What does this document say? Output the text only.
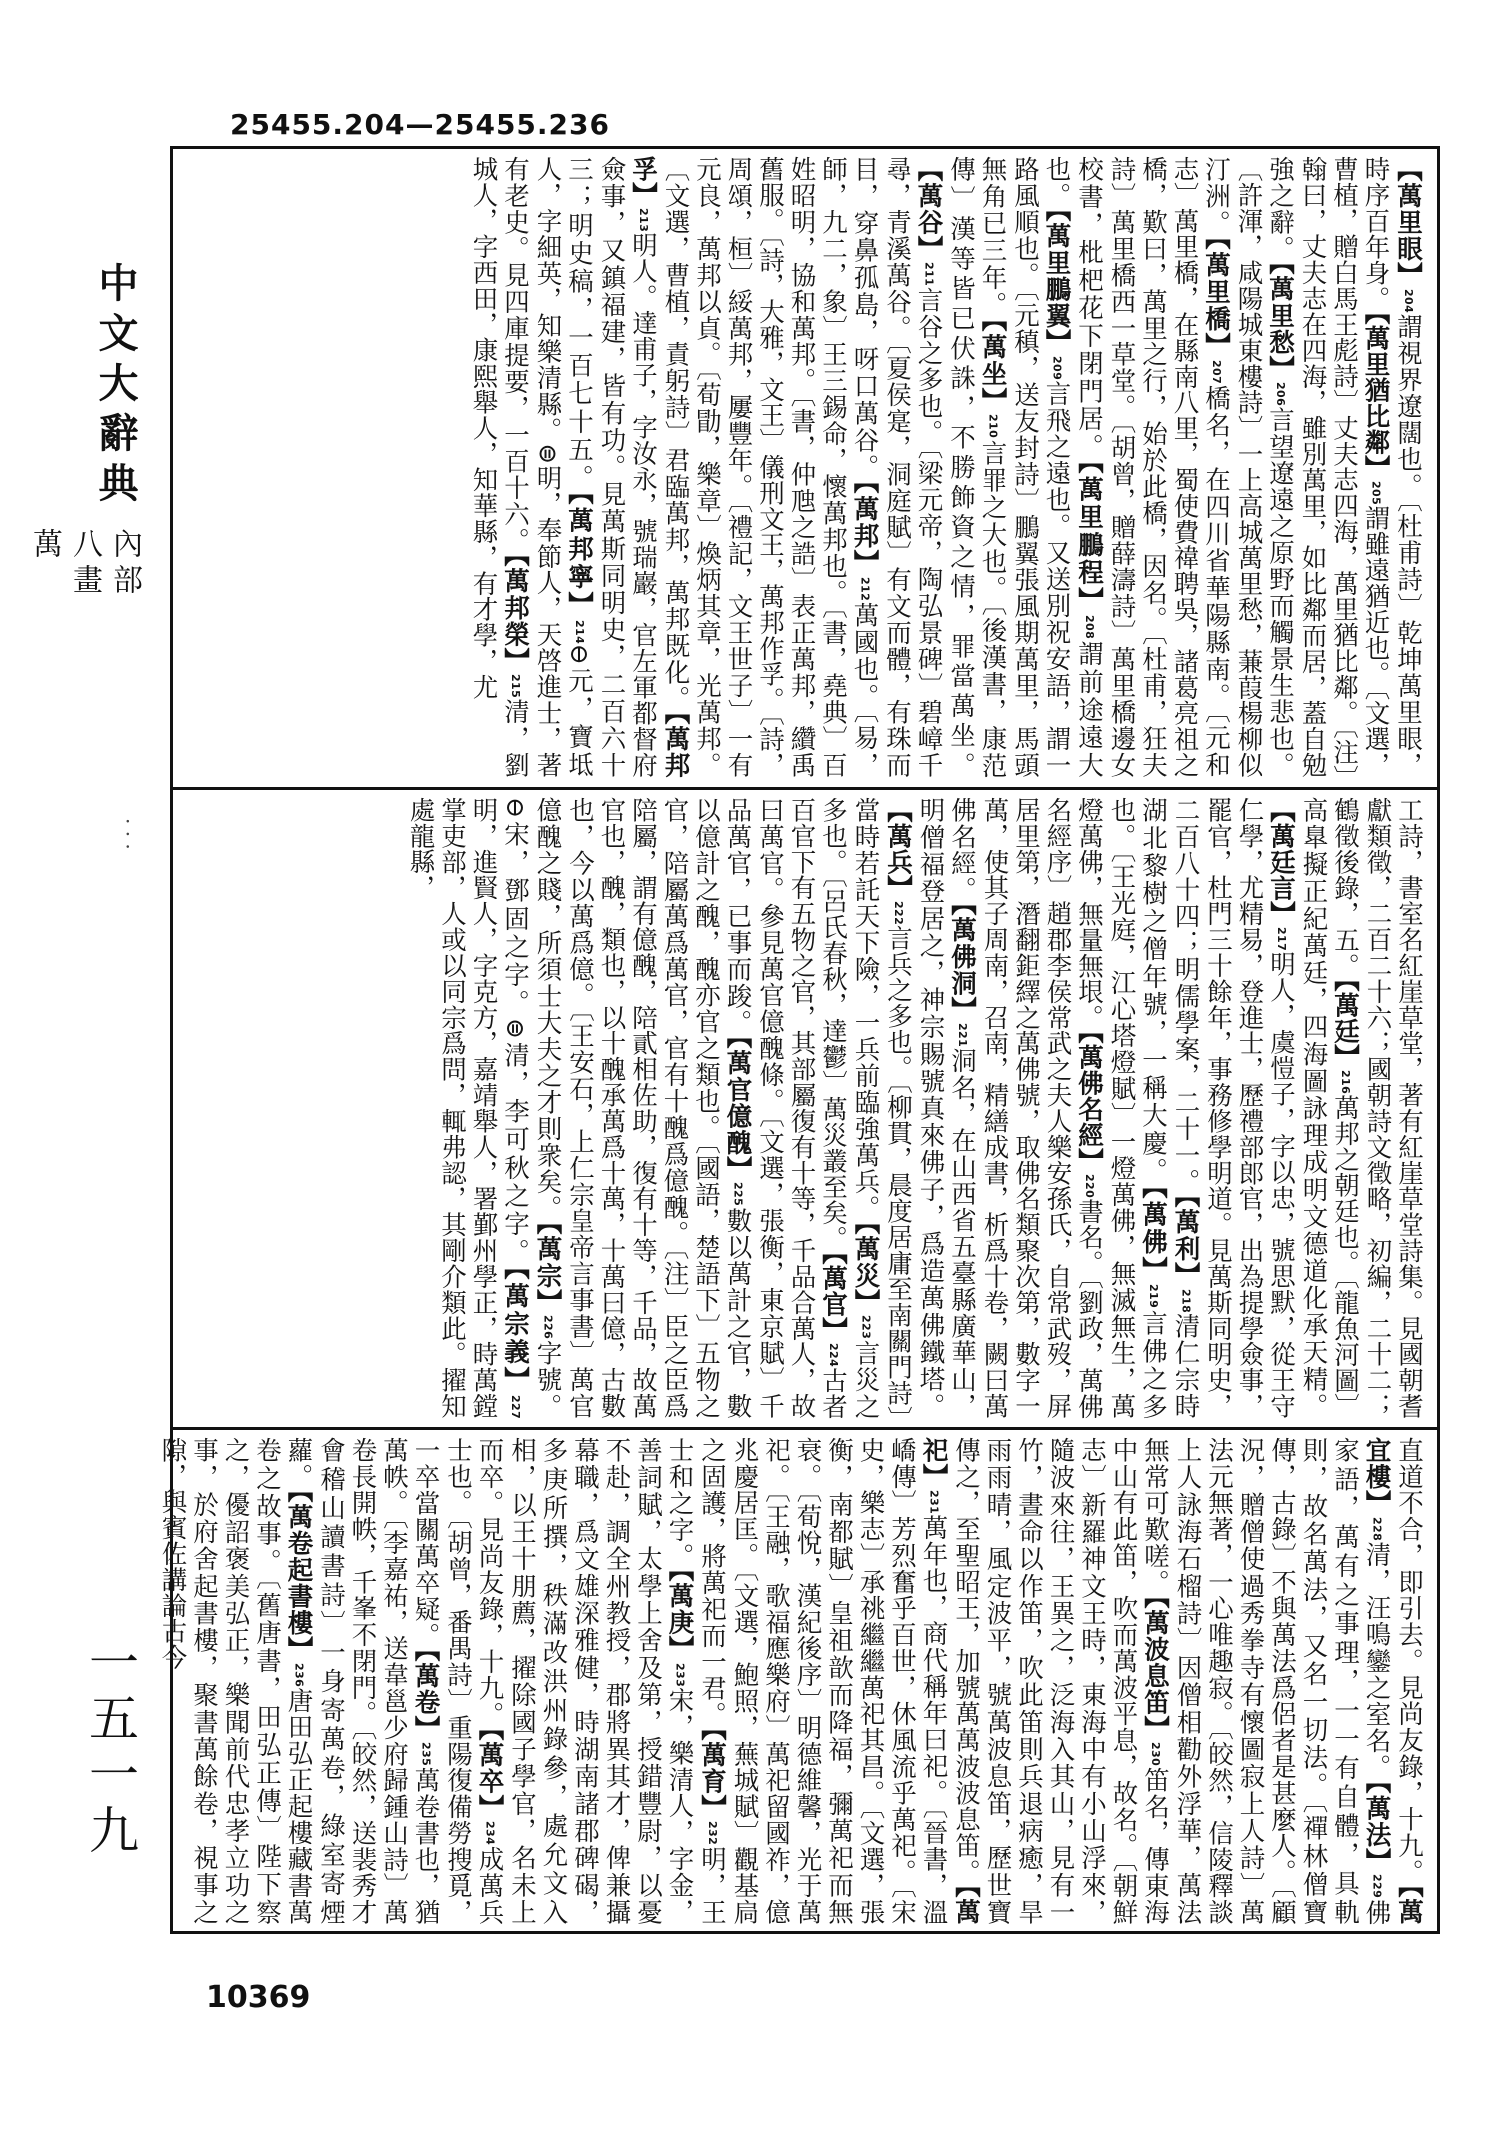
25455.204—25455.236
中文大辭典
內部
八畫
萬
· · ·
一五一九
10369
【萬里眼】204謂視界遼闊也。〔杜甫詩〕乾坤萬里眼，時序百年身。【萬里猶比鄰】205謂雖遠猶近也。〔文選，曹植，贈白馬王彪詩〕丈夫志四海，萬里猶比鄰。〔注〕翰曰，丈夫志在四海，雖別萬里，如比鄰而居，蓋自勉強之辭。【萬里愁】206言望遼遠之原野而觸景生悲也。〔許渾，咸陽城東樓詩〕一上高城萬里愁，蒹葭楊柳似汀洲。【萬里橋】207橋名，在四川省華陽縣南。〔元和志〕萬里橋，在縣南八里，蜀使費禕聘吳，諸葛亮祖之橋，歎曰，萬里之行，始於此橋，因名。〔杜甫，狂夫詩〕萬里橋西一草堂。〔胡曾，贈薛濤詩〕萬里橋邊女校書，枇杷花下閉門居。【萬里鵬程】208謂前途遠大也。【萬里鵬翼】209言飛之遠也。又送別祝安語，謂一路風順也。〔元稹，送友封詩〕鵬翼張風期萬里，馬頭無角已三年。【萬坐】210言罪之大也。〔後漢書，康范傳〕漢等皆已伏誅，不勝飾資之情，罪當萬坐。【萬谷】211言谷之多也。〔梁元帝，陶弘景碑〕碧嶂千尋，青溪萬谷。〔夏侯寔，洞庭賦〕有文而體，有珠而目，穿鼻孤島，呀口萬谷。【萬邦】212萬國也。〔易，師，九二，象〕王三錫命，懷萬邦也。〔書，堯典〕百姓昭明，協和萬邦。〔書，仲虺之誥〕表正萬邦，纘禹舊服。〔詩，大雅，文王〕儀刑文王，萬邦作孚。〔詩，周頌，桓〕綏萬邦，屢豐年。〔禮記，文王世子〕一有元良，萬邦以貞。〔荀勖，樂章〕煥炳其章，光萬邦。〔文選，曹植，責躬詩〕君臨萬邦，萬邦既化。【萬邦孚】213明人。達甫子，字汝永，號瑞巖，官左軍都督府僉事，又鎮福建，皆有功。見萬斯同明史，二百六十三；明史稿，一百七十五。【萬邦寧】214⊖元，寶坻人，字細英，知樂清縣。⊜明，奉節人，天啓進士，著有老史。見四庫提要，一百十六。【萬邦榮】215清，劉城人，字西田，康熙舉人，知華縣，有才學，尤
工詩，書室名紅崖草堂，著有紅崖草堂詩集。見國朝耆獻類徵，二百二十六；國朝詩文徵略，初編，二十二；鶴徵後錄，五。【萬廷】216萬邦之朝廷也。〔龍魚河圖〕高臯擬正紀萬廷，四海圖詠理成明文德道化承天精。【萬廷言】217明人，虞愷子，字以忠，號思默，從王守仁學，尤精易，登進士，歷禮部郎官，出為提學僉事，罷官，杜門三十餘年，事務修學明道。見萬斯同明史，二百八十四；明儒學案，二十一。【萬利】218清仁宗時湖北黎樹之僧年號，一稱大慶。【萬佛】219言佛之多也。〔王光庭，江心塔燈賦〕一燈萬佛，無滅無生，萬燈萬佛，無量無垠。【萬佛名經】220書名。〔劉政，萬佛名經序〕趙郡李侯常武之夫人樂安孫氏，自常武歿，屏居里第，潛翻鉅繹之萬佛號，取佛名類聚次第，數字一萬，使其子周南，召南，精繕成書，析爲十卷，闕曰萬佛名經。【萬佛洞】221洞名，在山西省五臺縣廣華山，明僧福登居之，神宗賜號真來佛子，爲造萬佛鐵塔。【萬兵】222言兵之多也。〔柳貫，晨度居庸至南關門詩〕當時若託天下險，一兵前臨強萬兵。【萬災】223言災之多也。〔呂氏春秋，達鬱〕萬災叢至矣。【萬官】224古者百官下有五物之官，其部屬復有十等，千品合萬人，故曰萬官。參見萬官億醜條。〔文選，張衡，東京賦〕千品萬官，已事而踆。【萬官億醜】225數以萬計之官，數以億計之醜，醜亦官之類也。〔國語，楚語下〕五物之官，陪屬萬爲萬官，官有十醜爲億醜。〔注〕臣之臣爲陪屬，謂有億醜，陪貳相佐助，復有十等，千品，故萬官也，醜，類也，以十醜承萬爲十萬，十萬曰億，古數也，今以萬爲億。〔王安石，上仁宗皇帝言事書〕萬官億醜之賤，所須士大夫之才則衆矣。【萬宗】226字號。⊖宋，鄧固之字。⊜清，李可秋之字。【萬宗義】227明，進賢人，字克方，嘉靖舉人，署鄞州學正，時萬鏜掌吏部，人或以同宗爲問，輒弗認，其剛介類此。擢知處龍縣，
直道不合，即引去。見尚友錄，十九。【萬宜樓】228清，汪鳴鑾之室名。【萬法】229佛家語，萬有之事理，一一有自體，具軌則，故名萬法，又名一切法。〔禪林僧寶傳，古錄〕不與萬法爲侶者是甚麼人。〔顧況，贈僧使過秀拳寺有懷圖寂上人詩〕萬法元無著，一心唯趣寂。〔皎然，信陵釋談上人詠海石榴詩〕因僧相勸外浮華，萬法無常可歎嗟。【萬波息笛】230笛名，傳東海中山有此笛，吹而萬波平息，故名。〔朝鮮志〕新羅神文王時，東海中有小山浮來，隨波來往，王異之，泛海入其山，見有一竹，晝命以作笛，吹此笛則兵退病癒，旱雨雨晴，風定波平，號萬波息笛，歷世寶傳之，至聖昭王，加號萬萬波波息笛。【萬祀】231萬年也，商代稱年曰祀。〔晉書，溫嶠傳〕芳烈奮乎百世，休風流乎萬祀。〔宋史，樂志〕承祧繼繼萬祀其昌。〔文選，張衡，南都賦〕皇祖歆而降福，彌萬祀而無衰。〔荀悅，漢紀後序〕明德維馨，光于萬祀。〔王融，歌福應樂府〕萬祀留國祚，億兆慶居匡。〔文選，鮑照，蕪城賦〕觀基扃之固護，將萬祀而一君。【萬育】232明，王士和之字。【萬庚】233宋，樂清人，字金，善詞賦，太學上舍及第，授錯豐尉，以憂不赴，調全州教授，郡將異其才，俾兼攝幕職，爲文雄深雅健，時湖南諸郡碑碣，多庚所撰，秩滿改洪州錄參，處允文入相，以王十朋薦，擢除國子學官，名未上而卒。見尚友錄，十九。【萬卒】234成萬兵士也。〔胡曾，番禺詩〕重陽復備勞搜覓，一卒當關萬卒疑。【萬卷】235萬卷書也，猶萬帙。〔李嘉祐，送韋邕少府歸鍾山詩〕萬卷長開帙，千峯不閉門。〔皎然，送裴秀才會稽山讀書詩〕一身寄萬卷，綠室寄煙蘿。【萬卷起書樓】236唐田弘正起樓藏書萬卷之故事。〔舊唐書，田弘正傳〕陛下察之，優詔褒美弘正，樂聞前代忠孝立功之事，於府舍起書樓，聚書萬餘卷，視事之隙，與賓佐講論古今
